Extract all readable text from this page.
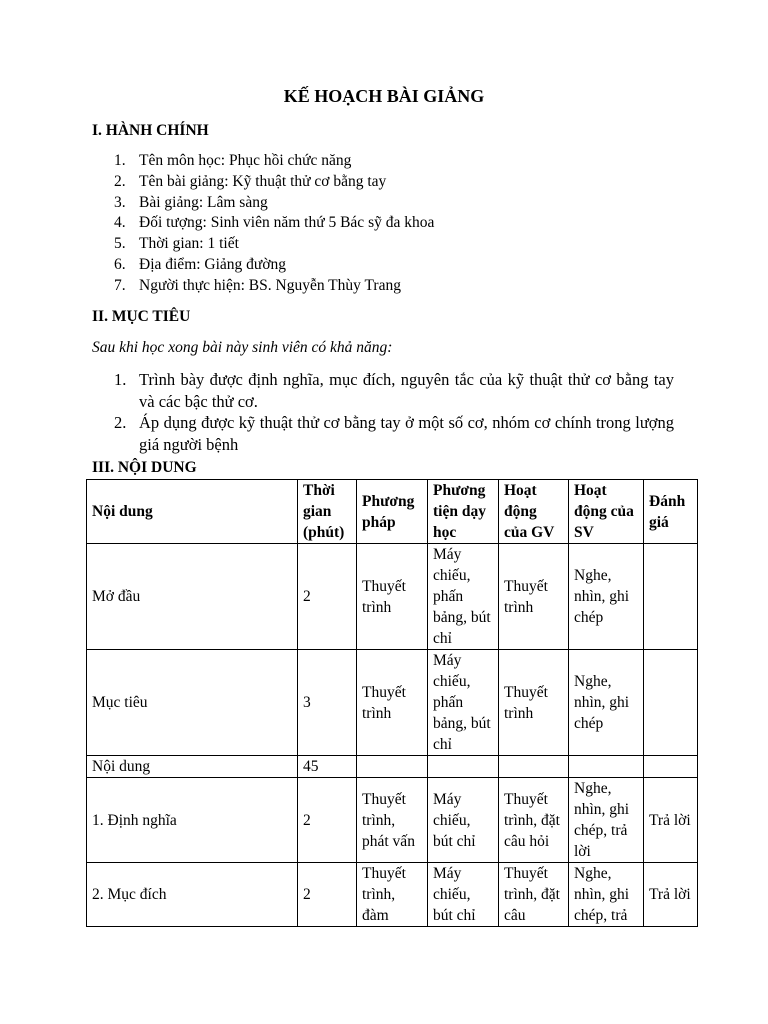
KẾ HOẠCH BÀI GIẢNG
I. HÀNH CHÍNH
1. Tên môn học: Phục hồi chức năng
2. Tên bài giảng: Kỹ thuật thử cơ bằng tay
3. Bài giảng: Lâm sàng
4. Đối tượng: Sinh viên năm thứ 5 Bác sỹ đa khoa
5. Thời gian: 1 tiết
6. Địa điểm: Giảng đường
7. Người thực hiện: BS. Nguyễn Thùy Trang
II. MỤC TIÊU
Sau khi học xong bài này sinh viên có khả năng:
1. Trình bày được định nghĩa, mục đích, nguyên tắc của kỹ thuật thử cơ bằng tay và các bậc thử cơ.
2. Áp dụng được kỹ thuật thử cơ bằng tay ở một số cơ, nhóm cơ chính trong lượng giá người bệnh
III. NỘI DUNG
Nội dung	Thời gian (phút)	Phương pháp	Phương tiện dạy học	Hoạt động của GV	Hoạt động của SV	Đánh giá
Mở đầu	2	Thuyết trình	Máy chiếu, phấn bảng, bút chỉ	Thuyết trình	Nghe, nhìn, ghi chép	
Mục tiêu	3	Thuyết trình	Máy chiếu, phấn bảng, bút chỉ	Thuyết trình	Nghe, nhìn, ghi chép	
Nội dung	45					
1. Định nghĩa	2	Thuyết trình, phát vấn	Máy chiếu, bút chỉ	Thuyết trình, đặt câu hỏi	Nghe, nhìn, ghi chép, trả lời	Trả lời
2. Mục đích	2	Thuyết trình, đàm	Máy chiếu, bút chỉ	Thuyết trình, đặt câu	Nghe, nhìn, ghi chép, trả	Trả lời
